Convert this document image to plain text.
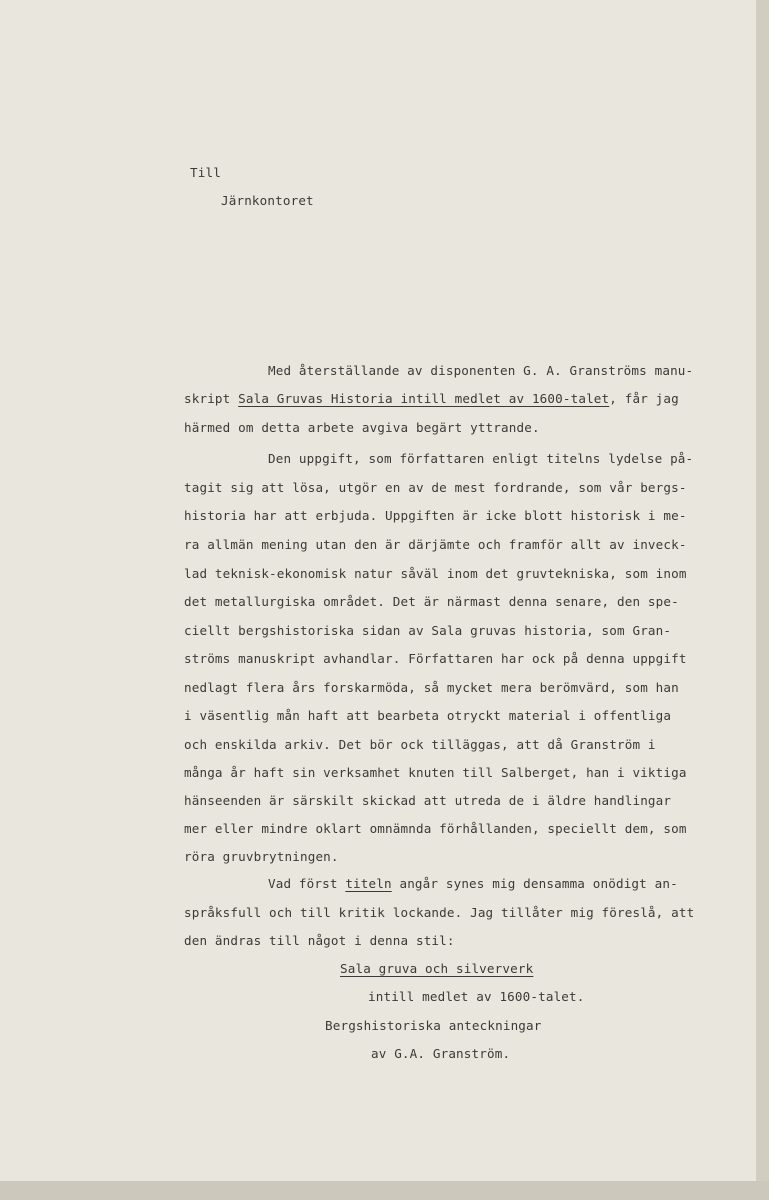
Till
Järnkontoret
Med återställande av disponenten G. A. Granströms manu-
skript Sala Gruvas Historia intill medlet av 1600-talet, får jag
härmed om detta arbete avgiva begärt yttrande.
Den uppgift, som författaren enligt titelns lydelse på-
tagit sig att lösa, utgör en av de mest fordrande, som vår bergs-
historia har att erbjuda. Uppgiften är icke blott historisk i me-
ra allmän mening utan den är därjämte och framför allt av inveck-
lad teknisk-ekonomisk natur såväl inom det gruvtekniska, som inom
det metallurgiska området. Det är närmast denna senare, den spe-
ciellt bergshistoriska sidan av Sala gruvas historia, som Gran-
ströms manuskript avhandlar. Författaren har ock på denna uppgift
nedlagt flera års forskarmöda, så mycket mera berömvärd, som han
i väsentlig mån haft att bearbeta otryckt material i offentliga
och enskilda arkiv. Det bör ock tilläggas, att då Granström i
många år haft sin verksamhet knuten till Salberget, han i viktiga
hänseenden är särskilt skickad att utreda de i äldre handlingar
mer eller mindre oklart omnämnda förhållanden, speciellt dem, som
röra gruvbrytningen.
Vad först titeln angår synes mig densamma onödigt an-
språksfull och till kritik lockande. Jag tillåter mig föreslå, att
den ändras till något i denna stil:
Sala gruva och silververk
intill medlet av 1600-talet.
Bergshistoriska anteckningar
av G.A. Granström.
